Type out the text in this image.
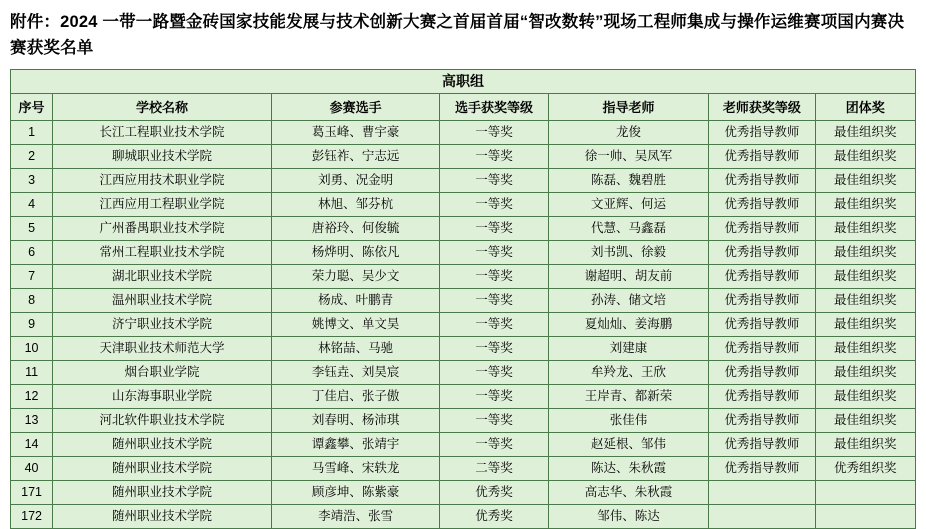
附件：2024 一带一路暨金砖国家技能发展与技术创新大赛之首届首届“智改数转”现场工程师集成与操作运维赛项国内赛决赛获奖名单
高职组						
序号	学校名称	参赛选手	选手获奖等级	指导老师	老师获奖等级	团体奖
1	长江工程职业技术学院	葛玉峰、曹宇豪	一等奖	龙俊	优秀指导教师	最佳组织奖
2	聊城职业技术学院	彭钰祚、宁志远	一等奖	徐一帅、吴凤军	优秀指导教师	最佳组织奖
3	江西应用技术职业学院	刘勇、况金明	一等奖	陈磊、魏碧胜	优秀指导教师	最佳组织奖
4	江西应用工程职业学院	林旭、邹芬杭	一等奖	文亚辉、何运	优秀指导教师	最佳组织奖
5	广州番禺职业技术学院	唐裕玲、何俊毓	一等奖	代慧、马鑫磊	优秀指导教师	最佳组织奖
6	常州工程职业技术学院	杨烨明、陈依凡	一等奖	刘书凯、徐毅	优秀指导教师	最佳组织奖
7	湖北职业技术学院	荣力聪、吴少文	一等奖	谢超明、胡友前	优秀指导教师	最佳组织奖
8	温州职业技术学院	杨成、叶鹏青	一等奖	孙涛、储文培	优秀指导教师	最佳组织奖
9	济宁职业技术学院	姚博文、单文昊	一等奖	夏灿灿、姜海鹏	优秀指导教师	最佳组织奖
10	天津职业技术师范大学	林铭喆、马驰	一等奖	刘建康	优秀指导教师	最佳组织奖
11	烟台职业学院	李钰垚、刘昊宸	一等奖	牟羚龙、王欣	优秀指导教师	最佳组织奖
12	山东海事职业学院	丁佳启、张子傲	一等奖	王岸青、都新荣	优秀指导教师	最佳组织奖
13	河北软件职业技术学院	刘春明、杨沛琪	一等奖	张佳伟	优秀指导教师	最佳组织奖
14	随州职业技术学院	谭鑫攀、张靖宇	一等奖	赵延根、邹伟	优秀指导教师	最佳组织奖
40	随州职业技术学院	马雪峰、宋轶龙	二等奖	陈达、朱秋霞	优秀指导教师	优秀组织奖
171	随州职业技术学院	顾彦坤、陈紫豪	优秀奖	高志华、朱秋霞		
172	随州职业技术学院	李靖浩、张雪	优秀奖	邹伟、陈达		
